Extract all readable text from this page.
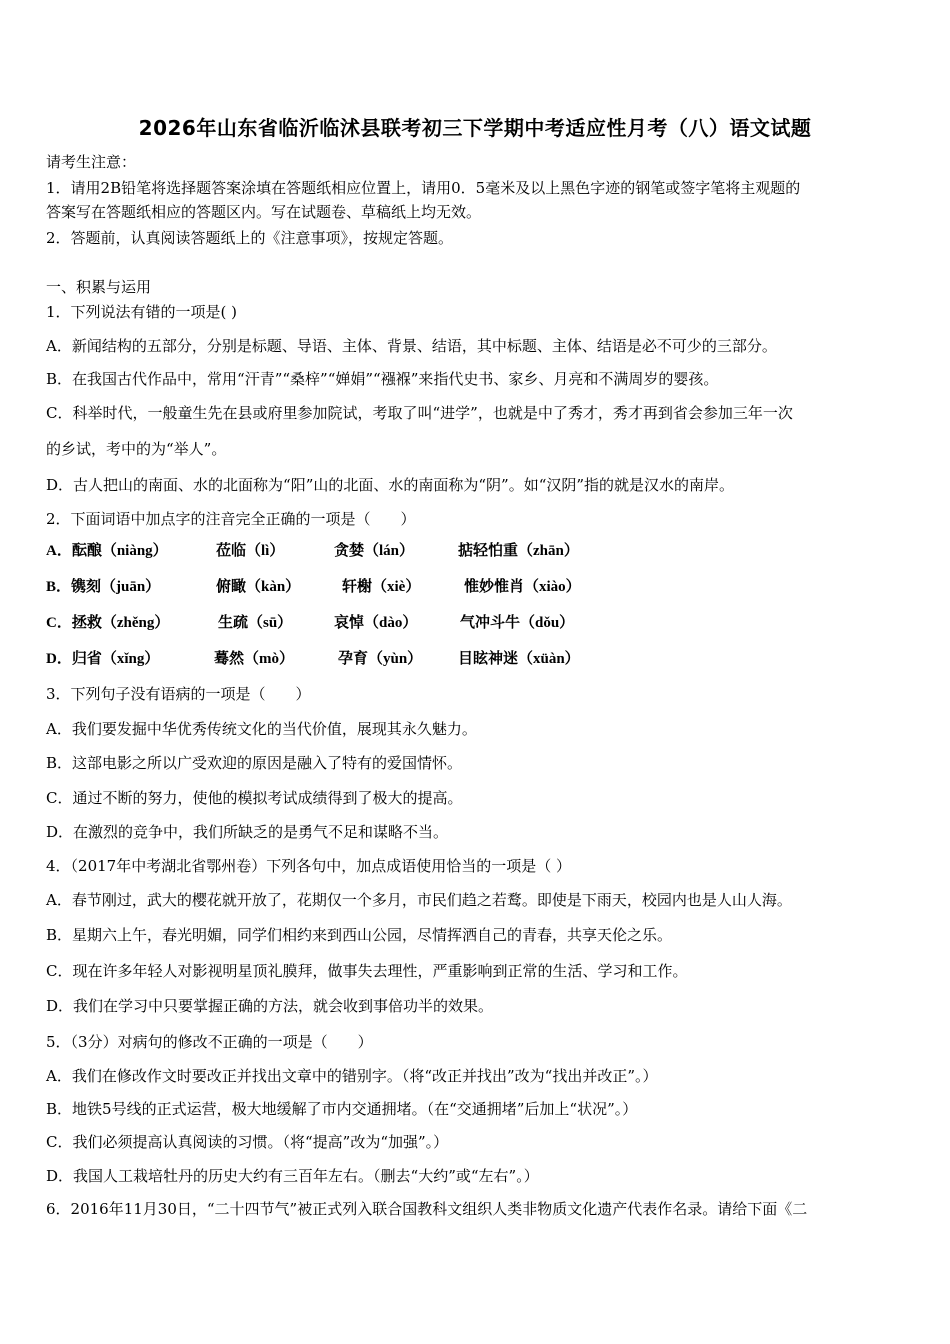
2026年山东省临沂临沭县联考初三下学期中考适应性月考（八）语文试题
请考生注意：
1．请用2B铅笔将选择题答案涂填在答题纸相应位置上，请用0．5毫米及以上黑色字迹的钢笔或签字笔将主观题的
答案写在答题纸相应的答题区内。写在试题卷、草稿纸上均无效。
2．答题前，认真阅读答题纸上的《注意事项》，按规定答题。
一、积累与运用
1．下列说法有错的一项是( )
A．新闻结构的五部分，分别是标题、导语、主体、背景、结语，其中标题、主体、结语是必不可少的三部分。
B．在我国古代作品中，常用“汗青”“桑梓”“婵娟”“襁褓”来指代史书、家乡、月亮和不满周岁的婴孩。
C．科举时代，一般童生先在县或府里参加院试，考取了叫“进学”，也就是中了秀才，秀才再到省会参加三年一次
的乡试，考中的为“举人”。
D．古人把山的南面、水的北面称为“阳”山的北面、水的南面称为“阴”。如“汉阴”指的就是汉水的南岸。
2．下面词语中加点字的注音完全正确的一项是（　　）
A．酝酿（niàng）	莅临（lì）	贪婪（lán）	掂轻怕重（zhān）
B．镌刻（juān）	俯瞰（kàn）	轩榭（xiè）	惟妙惟肖（xiào）
C．拯救（zhěng）	生疏（sū）	哀悼（dào）	气冲斗牛（dǒu）
D．归省（xǐng）	蓦然（mò）	孕育（yùn） 目眩神迷（xüàn）
3．下列句子没有语病的一项是（　　）
A．我们要发掘中华优秀传统文化的当代价值，展现其永久魅力。
B．这部电影之所以广受欢迎的原因是融入了特有的爱国情怀。
C．通过不断的努力，使他的模拟考试成绩得到了极大的提高。
D．在激烈的竞争中，我们所缺乏的是勇气不足和谋略不当。
4．（2017年中考湖北省鄂州卷）下列各句中，加点成语使用恰当的一项是（ ）
A．春节刚过，武大的樱花就开放了，花期仅一个多月，市民们趋之若鹜。即使是下雨天，校园内也是人山人海。
B．星期六上午，春光明媚，同学们相约来到西山公园，尽情挥洒自己的青春，共享天伦之乐。
C．现在许多年轻人对影视明星顶礼膜拜，做事失去理性，严重影响到正常的生活、学习和工作。
D．我们在学习中只要掌握正确的方法，就会收到事倍功半的效果。
5．（3分）对病句的修改不正确的一项是（　　）
A．我们在修改作文时要改正并找出文章中的错别字。（将“改正并找出”改为“找出并改正”。）
B．地铁5号线的正式运营，极大地缓解了市内交通拥堵。（在“交通拥堵”后加上“状况”。）
C．我们必须提高认真阅读的习惯。（将“提高”改为“加强”。）
D．我国人工栽培牡丹的历史大约有三百年左右。（删去“大约”或“左右”。）
6．2016年11月30日，“二十四节气”被正式列入联合国教科文组织人类非物质文化遗产代表作名录。请给下面《二
